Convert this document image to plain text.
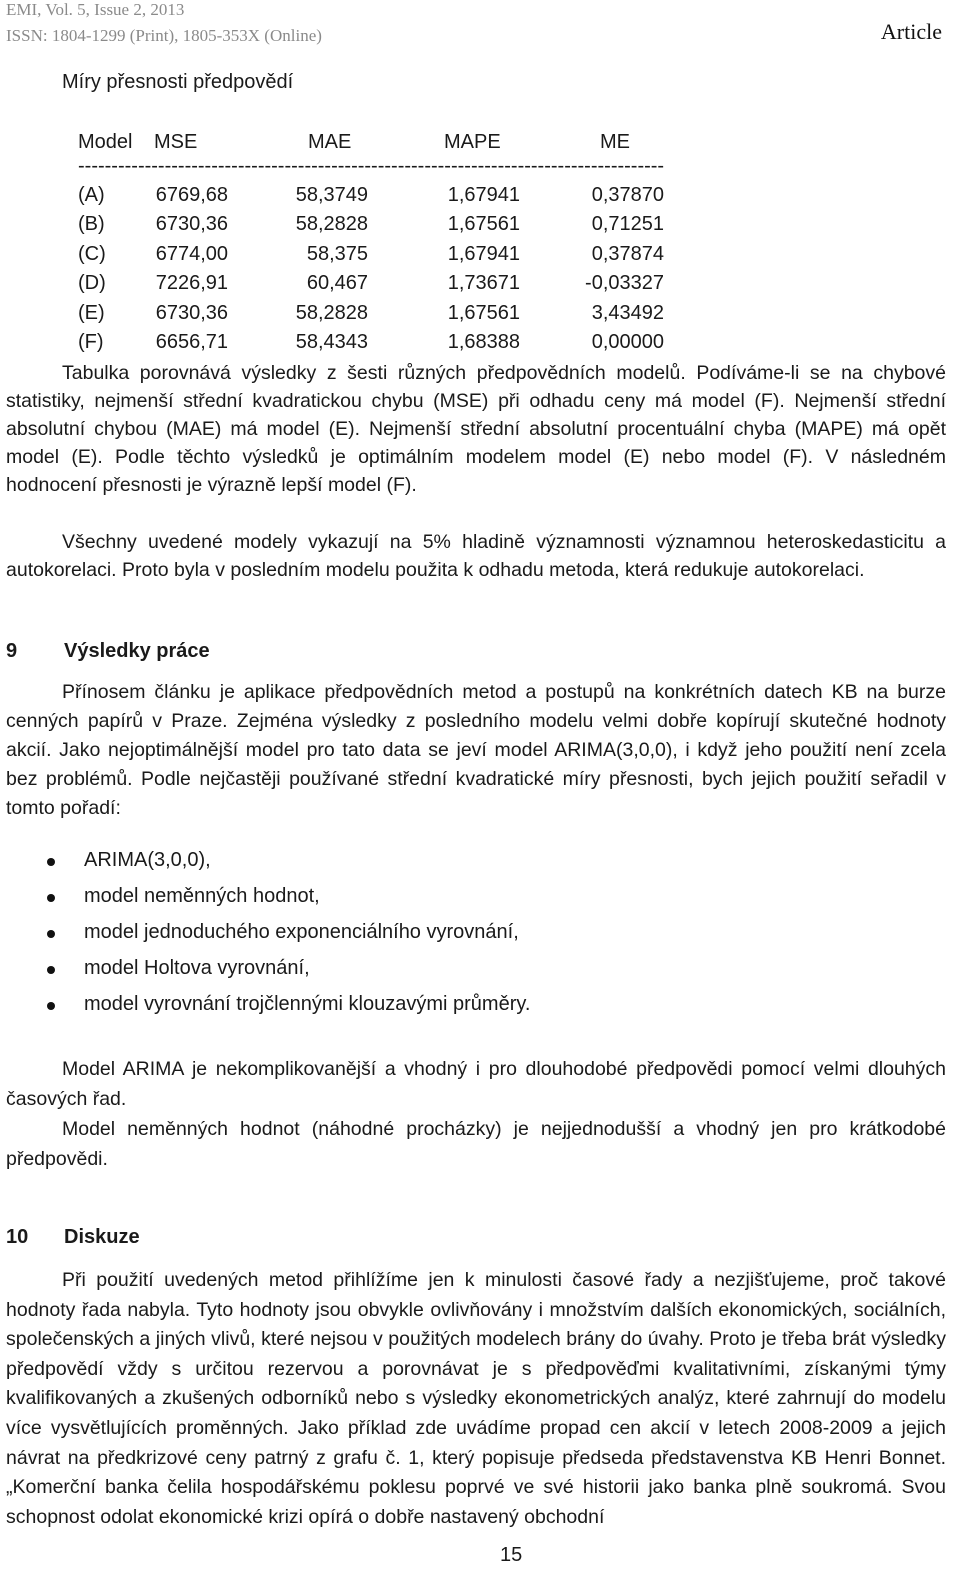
EMI, Vol. 5, Issue 2, 2013
ISSN: 1804-1299 (Print), 1805-353X (Online)	Article
Míry přesnosti předpovědí
Model MSE	MAE	MAPE	ME
----------------------------------------------------------------------------------------
(A)	6769,68	58,3749	1,67941	0,37870
(B)	6730,36	58,2828	1,67561	0,71251
(C)	6774,00	58,375	1,67941	0,37874
(D)	7226,91	60,467	1,73671	-0,03327
(E)	6730,36	58,2828	1,67561	3,43492
(F)	6656,71	58,4343	1,68388	0,00000
Tabulka porovnává výsledky z šesti různých předpovědních modelů. Podíváme-li se na chybové statistiky, nejmenší střední kvadratickou chybu (MSE) při odhadu ceny má model (F). Nejmenší střední absolutní chybou (MAE) má model (E). Nejmenší střední absolutní procentuální chyba (MAPE) má opět model (E). Podle těchto výsledků je optimálním modelem model (E) nebo model (F). V následném hodnocení přesnosti je výrazně lepší model (F).
Všechny uvedené modely vykazují na 5% hladině významnosti významnou heteroskedasticitu a autokorelaci. Proto byla v posledním modelu použita k odhadu metoda, která redukuje autokorelaci.
9 Výsledky práce
Přínosem článku je aplikace předpovědních metod a postupů na konkrétních datech KB na burze cenných papírů v Praze. Zejména výsledky z posledního modelu velmi dobře kopírují skutečné hodnoty akcií. Jako nejoptimálnější model pro tato data se jeví model ARIMA(3,0,0), i když jeho použití není zcela bez problémů. Podle nejčastěji používané střední kvadratické míry přesnosti, bych jejich použití seřadil v tomto pořadí:
ARIMA(3,0,0),
model neměnných hodnot,
model jednoduchého exponenciálního vyrovnání,
model Holtova vyrovnání,
model vyrovnání trojčlennými klouzavými průměry.
Model ARIMA je nekomplikovanější a vhodný i pro dlouhodobé předpovědi pomocí velmi dlouhých časových řad.
Model neměnných hodnot (náhodné procházky) je nejjednodušší a vhodný jen pro krátkodobé předpovědi.
10 Diskuze
Při použití uvedených metod přihlížíme jen k minulosti časové řady a nezjišťujeme, proč takové hodnoty řada nabyla. Tyto hodnoty jsou obvykle ovlivňovány i množstvím dalších ekonomických, sociálních, společenských a jiných vlivů, které nejsou v použitých modelech brány do úvahy. Proto je třeba brát výsledky předpovědí vždy s určitou rezervou a porovnávat je s předpověďmi kvalitativními, získanými týmy kvalifikovaných a zkušených odborníků nebo s výsledky ekonometrických analýz, které zahrnují do modelu více vysvětlujících proměnných. Jako příklad zde uvádíme propad cen akcií v letech 2008-2009 a jejich návrat na předkrizové ceny patrný z grafu č. 1, který popisuje předseda představenstva KB Henri Bonnet. „Komerční banka čelila hospodářskému poklesu poprvé ve své historii jako banka plně soukromá. Svou schopnost odolat ekonomické krizi opírá o dobře nastavený obchodní
15
